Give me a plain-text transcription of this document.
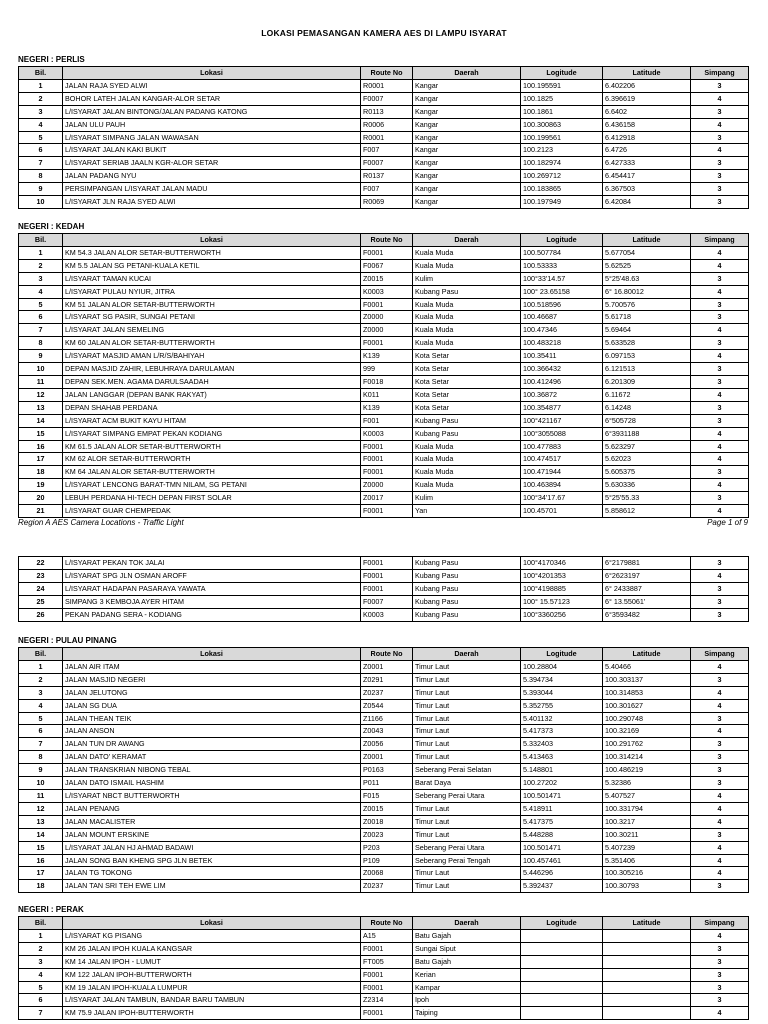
LOKASI PEMASANGAN KAMERA AES DI LAMPU ISYARAT
NEGERI : PERLIS
Bil.	Lokasi	Route No	Daerah	Logitude	Latitude	Simpang
1	JALAN RAJA SYED ALWI	R0001	Kangar	100.195591	6.402206	3
2	BOHOR LATEH JALAN KANGAR-ALOR SETAR	F0007	Kangar	100.1825	6.396619	4
3	L/ISYARAT JALAN BINTONG/JALAN PADANG KATONG	R0113	Kangar	100.1861	6.6402	3
4	JALAN ULU PAUH	R0006	Kangar	100.300863	6.436158	4
5	L/ISYARAT SIMPANG JALAN WAWASAN	R0001	Kangar	100.199561	6.412918	3
6	L/ISYARAT JALAN KAKI BUKIT	F007	Kangar	100.2123	6.4726	4
7	L/ISYARAT SERIAB JAALN KGR-ALOR SETAR	F0007	Kangar	100.182974	6.427333	3
8	JALAN PADANG NYU	R0137	Kangar	100.269712	6.454417	3
9	PERSIMPANGAN L/ISYARAT JALAN MADU	F007	Kangar	100.183865	6.367503	3
10	L/ISYARAT JLN RAJA SYED ALWI	R0069	Kangar	100.197949	6.42084	3
NEGERI : KEDAH
Bil.	Lokasi	Route No	Daerah	Logitude	Latitude	Simpang
1	KM 54.3 JALAN ALOR SETAR-BUTTERWORTH	F0001	Kuala Muda	100.507784	5.677054	4
2	KM 5.5 JALAN SG PETANI-KUALA KETIL	F0067	Kuala Muda	100.53333	5.62525	4
3	L/ISYARAT TAMAN KUCAI	Z0015	Kulim	100°33'14.57	5°25'48.63	3
4	L/ISYARAT PULAU NYIUR, JITRA	K0003	Kubang Pasu	100° 23.65158	6° 16.80012	4
5	KM 51 JALAN ALOR SETAR-BUTTERWORTH	F0001	Kuala Muda	100.518596	5.700576	3
6	L/ISYARAT SG PASIR, SUNGAI PETANI	Z0000	Kuala Muda	100.46687	5.61718	3
7	L/ISYARAT JALAN SEMELING	Z0000	Kuala Muda	100.47346	5.69464	4
8	KM 60 JALAN ALOR SETAR-BUTTERWORTH	F0001	Kuala Muda	100.483218	5.633528	3
9	L/ISYARAT MASJID AMAN L/R/S/BAHIYAH	K139	Kota Setar	100.35411	6.097153	4
10	DEPAN MASJID ZAHIR, LEBUHRAYA DARULAMAN	999	Kota Setar	100.366432	6.121513	3
11	DEPAN SEK.MEN. AGAMA DARULSAADAH	F0018	Kota Setar	100.412496	6.201309	3
12	JALAN LANGGAR (DEPAN BANK RAKYAT)	K011	Kota Setar	100.36872	6.11672	4
13	DEPAN SHAHAB PERDANA	K139	Kota Setar	100.354877	6.14248	3
14	L/ISYARAT ACM BUKIT KAYU HITAM	F001	Kubang Pasu	100°421167	6°505728	3
15	L/ISYARAT SIMPANG EMPAT PEKAN KODIANG	K0003	Kubang Pasu	100°3055088	6°3931188	4
16	KM 61.5 JALAN ALOR SETAR-BUTTERWORTH	F0001	Kuala Muda	100.477883	5.623297	4
17	KM 62 ALOR SETAR-BUTTERWORTH	F0001	Kuala Muda	100.474517	5.62023	4
18	KM 64 JALAN ALOR SETAR-BUTTERWORTH	F0001	Kuala Muda	100.471944	5.605375	3
19	L/ISYARAT LENCONG BARAT-TMN NILAM, SG PETANI	Z0000	Kuala Muda	100.463894	5.630336	4
20	LEBUH PERDANA HI-TECH DEPAN FIRST SOLAR	Z0017	Kulim	100°34'17.67	5°25'55.33	3
21	L/ISYARAT GUAR CHEMPEDAK	F0001	Yan	100.45701	5.858612	4
22	L/ISYARAT PEKAN TOK JALAI	F0001	Kubang Pasu	100°4170346	6°2179881	3
23	L/ISYARAT SPG JLN OSMAN AROFF	F0001	Kubang Pasu	100°4201353	6°2623197	4
24	L/ISYARAT HADAPAN PASARAYA YAWATA	F0001	Kubang Pasu	100°4198885	6° 2433887	3
25	SIMPANG 3 KEMBOJA AYER HITAM	F0007	Kubang Pasu	100° 15.57123	6° 13.55061'	3
26	PEKAN PADANG SERA - KODIANG	K0003	Kubang Pasu	100°3360256	6°3593482	3
NEGERI : PULAU PINANG
Bil.	Lokasi	Route No	Daerah	Logitude	Latitude	Simpang
1	JALAN AIR ITAM	Z0001	Timur Laut	100.28804	5.40466	4
2	JALAN MASJID NEGERI	Z0291	Timur Laut	5.394734	100.303137	3
3	JALAN JELUTONG	Z0237	Timur Laut	5.393044	100.314853	4
4	JALAN SG DUA	Z0544	Timur Laut	5.352755	100.301627	4
5	JALAN THEAN TEIK	Z1166	Timur Laut	5.401132	100.290748	3
6	JALAN ANSON	Z0043	Timur Laut	5.417373	100.32169	4
7	JALAN TUN DR AWANG	Z0056	Timur Laut	5.332403	100.291762	3
8	JALAN DATO' KERAMAT	Z0001	Timur Laut	5.413463	100.314214	3
9	JALAN TRANSKRIAN NIBONG TEBAL	P0163	Seberang Perai Selatan	5.148801	100.486219	3
10	JALAN DATO ISMAIL HASHIM	P011	Barat Daya	100.27202	5.32386	3
11	L/ISYARAT NBCT BUTTERWORTH	F015	Seberang Perai Utara	100.501471	5.407527	4
12	JALAN PENANG	Z0015	Timur Laut	5.418911	100.331794	4
13	JALAN MACALISTER	Z0018	Timur Laut	5.417375	100.3217	4
14	JALAN MOUNT ERSKINE	Z0023	Timur Laut	5.448288	100.30211	3
15	L/ISYARAT JALAN HJ AHMAD BADAWI	P203	Seberang Perai Utara	100.501471	5.407239	4
16	JALAN SONG BAN KHENG SPG JLN BETEK	P109	Seberang Perai Tengah	100.457461	5.351406	4
17	JALAN TG TOKONG	Z0068	Timur Laut	5.446296	100.305216	4
18	JALAN TAN SRI TEH EWE LIM	Z0237	Timur Laut	5.392437	100.30793	3
NEGERI : PERAK
Bil.	Lokasi	Route No	Daerah	Logitude	Latitude	Simpang
1	L/ISYARAT KG PISANG	A15	Batu Gajah			4
2	KM 26 JALAN IPOH KUALA KANGSAR	F0001	Sungai Siput			3
3	KM 14 JALAN IPOH - LUMUT	FT005	Batu Gajah			3
4	KM 122 JALAN IPOH-BUTTERWORTH	F0001	Kerian			3
5	KM 19 JALAN IPOH-KUALA LUMPUR	F0001	Kampar			3
6	L/ISYARAT JALAN TAMBUN, BANDAR BARU TAMBUN	Z2314	Ipoh			3
7	KM 75.9 JALAN IPOH-BUTTERWORTH	F0001	Taiping			4
Region A AES Camera Locations - Traffic Light	Page 1 of 9
